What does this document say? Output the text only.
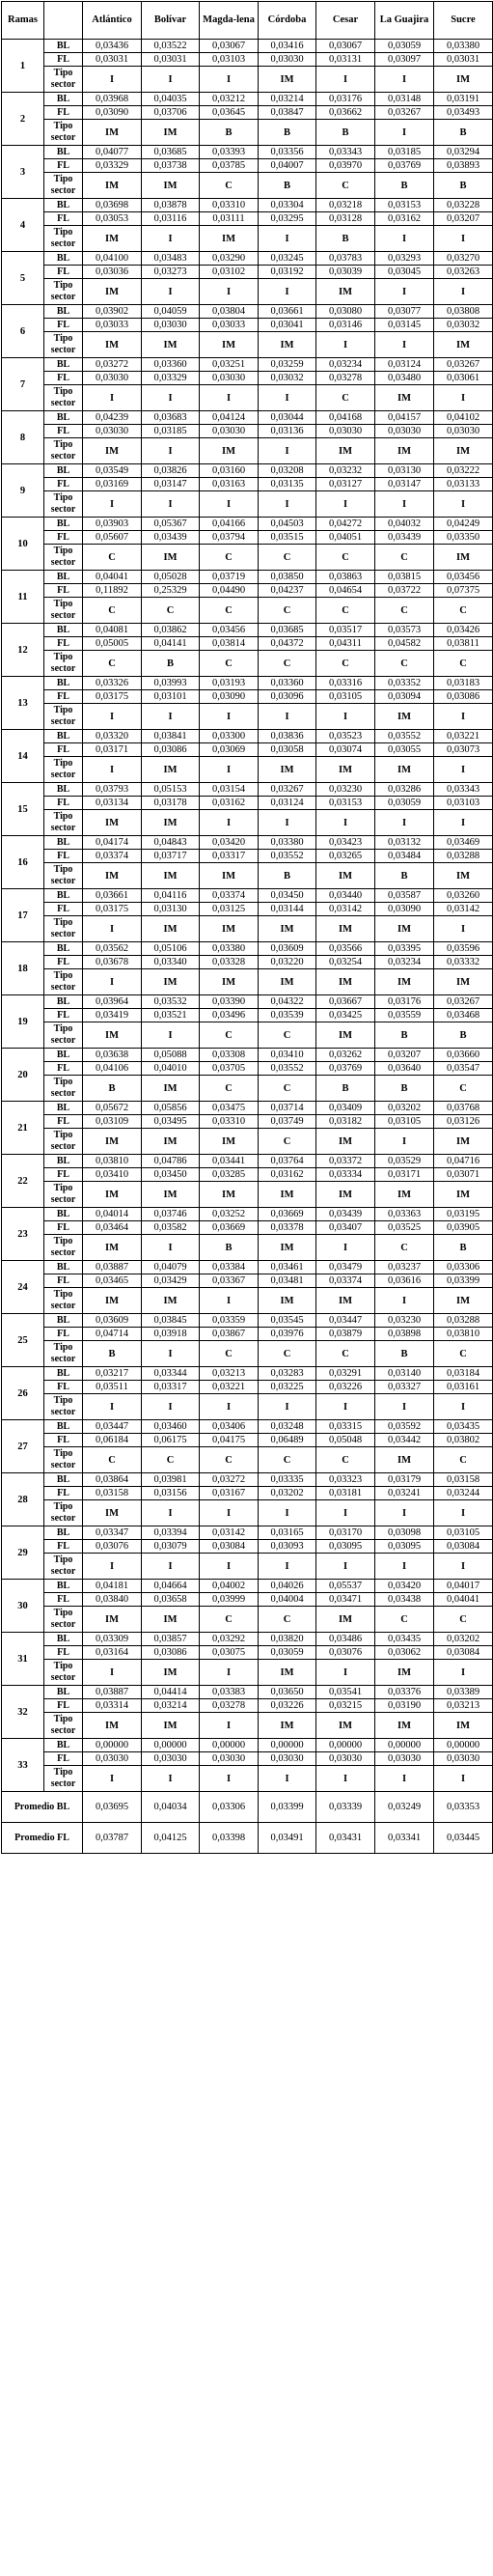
Ramas		Atlántico	Bolívar	Magda-lena	Córdoba	Cesar	La Guajira	Sucre
1	BL	0,03436	0,03522	0,03067	0,03416	0,03067	0,03059	0,03380
	FL	0,03031	0,03031	0,03103	0,03030	0,03131	0,03097	0,03031
	Tipo sector	I	I	I	IM	I	I	IM
2	BL	0,03968	0,04035	0,03212	0,03214	0,03176	0,03148	0,03191
	FL	0,03090	0,03706	0,03645	0,03847	0,03662	0,03267	0,03493
	Tipo sector	IM	IM	B	B	B	I	B
3	BL	0,04077	0,03685	0,03393	0,03356	0,03343	0,03185	0,03294
	FL	0,03329	0,03738	0,03785	0,04007	0,03970	0,03769	0,03893
	Tipo sector	IM	IM	C	B	C	B	B
4	BL	0,03698	0,03878	0,03310	0,03304	0,03218	0,03153	0,03228
	FL	0,03053	0,03116	0,03111	0,03295	0,03128	0,03162	0,03207
	Tipo sector	IM	I	IM	I	B	I	I
5	BL	0,04100	0,03483	0,03290	0,03245	0,03783	0,03293	0,03270
	FL	0,03036	0,03273	0,03102	0,03192	0,03039	0,03045	0,03263
	Tipo sector	IM	I	I	I	IM	I	I
6	BL	0,03902	0,04059	0,03804	0,03661	0,03080	0,03077	0,03808
	FL	0,03033	0,03030	0,03033	0,03041	0,03146	0,03145	0,03032
	Tipo sector	IM	IM	IM	IM	I	I	IM
7	BL	0,03272	0,03360	0,03251	0,03259	0,03234	0,03124	0,03267
	FL	0,03030	0,03329	0,03030	0,03032	0,03278	0,03480	0,03061
	Tipo sector	I	I	I	I	C	IM	I
8	BL	0,04239	0,03683	0,04124	0,03044	0,04168	0,04157	0,04102
	FL	0,03030	0,03185	0,03030	0,03136	0,03030	0,03030	0,03030
	Tipo sector	IM	I	IM	I	IM	IM	IM
9	BL	0,03549	0,03826	0,03160	0,03208	0,03232	0,03130	0,03222
	FL	0,03169	0,03147	0,03163	0,03135	0,03127	0,03147	0,03133
	Tipo sector	I	I	I	I	I	I	I
10	BL	0,03903	0,05367	0,04166	0,04503	0,04272	0,04032	0,04249
	FL	0,05607	0,03439	0,03794	0,03515	0,04051	0,03439	0,03350
	Tipo sector	C	IM	C	C	C	C	IM
11	BL	0,04041	0,05028	0,03719	0,03850	0,03863	0,03815	0,03456
	FL	0,11892	0,25329	0,04490	0,04237	0,04654	0,03722	0,07375
	Tipo sector	C	C	C	C	C	C	C
12	BL	0,04081	0,03862	0,03456	0,03685	0,03517	0,03573	0,03426
	FL	0,05005	0,04141	0,03814	0,04372	0,04311	0,04582	0,03811
	Tipo sector	C	B	C	C	C	C	C
13	BL	0,03326	0,03993	0,03193	0,03360	0,03316	0,03352	0,03183
	FL	0,03175	0,03101	0,03090	0,03096	0,03105	0,03094	0,03086
	Tipo sector	I	I	I	I	I	IM	I
14	BL	0,03320	0,03841	0,03300	0,03836	0,03523	0,03552	0,03221
	FL	0,03171	0,03086	0,03069	0,03058	0,03074	0,03055	0,03073
	Tipo sector	I	IM	I	IM	IM	IM	I
15	BL	0,03793	0,05153	0,03154	0,03267	0,03230	0,03286	0,03343
	FL	0,03134	0,03178	0,03162	0,03124	0,03153	0,03059	0,03103
	Tipo sector	IM	IM	I	I	I	I	I
16	BL	0,04174	0,04843	0,03420	0,03380	0,03423	0,03132	0,03469
	FL	0,03374	0,03717	0,03317	0,03552	0,03265	0,03484	0,03288
	Tipo sector	IM	IM	IM	B	IM	B	IM
17	BL	0,03661	0,04116	0,03374	0,03450	0,03440	0,03587	0,03260
	FL	0,03175	0,03130	0,03125	0,03144	0,03142	0,03090	0,03142
	Tipo sector	I	IM	IM	IM	IM	IM	I
18	BL	0,03562	0,05106	0,03380	0,03609	0,03566	0,03395	0,03596
	FL	0,03678	0,03340	0,03328	0,03220	0,03254	0,03234	0,03332
	Tipo sector	I	IM	IM	IM	IM	IM	IM
19	BL	0,03964	0,03532	0,03390	0,04322	0,03667	0,03176	0,03267
	FL	0,03419	0,03521	0,03496	0,03539	0,03425	0,03559	0,03468
	Tipo sector	IM	I	C	C	IM	B	B
20	BL	0,03638	0,05088	0,03308	0,03410	0,03262	0,03207	0,03660
	FL	0,04106	0,04010	0,03705	0,03552	0,03769	0,03640	0,03547
	Tipo sector	B	IM	C	C	B	B	C
21	BL	0,05672	0,05856	0,03475	0,03714	0,03409	0,03202	0,03768
	FL	0,03109	0,03495	0,03310	0,03749	0,03182	0,03105	0,03126
	Tipo sector	IM	IM	IM	C	IM	I	IM
22	BL	0,03810	0,04786	0,03441	0,03764	0,03372	0,03529	0,04716
	FL	0,03410	0,03450	0,03285	0,03162	0,03334	0,03171	0,03071
	Tipo sector	IM	IM	IM	IM	IM	IM	IM
23	BL	0,04014	0,03746	0,03252	0,03669	0,03439	0,03363	0,03195
	FL	0,03464	0,03582	0,03669	0,03378	0,03407	0,03525	0,03905
	Tipo sector	IM	I	B	IM	I	C	B
24	BL	0,03887	0,04079	0,03384	0,03461	0,03479	0,03237	0,03306
	FL	0,03465	0,03429	0,03367	0,03481	0,03374	0,03616	0,03399
	Tipo sector	IM	IM	I	IM	IM	I	IM
25	BL	0,03609	0,03845	0,03359	0,03545	0,03447	0,03230	0,03288
	FL	0,04714	0,03918	0,03867	0,03976	0,03879	0,03898	0,03810
	Tipo sector	B	I	C	C	C	B	C
26	BL	0,03217	0,03344	0,03213	0,03283	0,03291	0,03140	0,03184
	FL	0,03511	0,03317	0,03221	0,03225	0,03226	0,03327	0,03161
	Tipo sector	I	I	I	I	I	I	I
27	BL	0,03447	0,03460	0,03406	0,03248	0,03315	0,03592	0,03435
	FL	0,06184	0,06175	0,04175	0,06489	0,05048	0,03442	0,03802
	Tipo sector	C	C	C	C	C	IM	C
28	BL	0,03864	0,03981	0,03272	0,03335	0,03323	0,03179	0,03158
	FL	0,03158	0,03156	0,03167	0,03202	0,03181	0,03241	0,03244
	Tipo sector	IM	I	I	I	I	I	I
29	BL	0,03347	0,03394	0,03142	0,03165	0,03170	0,03098	0,03105
	FL	0,03076	0,03079	0,03084	0,03093	0,03095	0,03095	0,03084
	Tipo sector	I	I	I	I	I	I	I
30	BL	0,04181	0,04664	0,04002	0,04026	0,05537	0,03420	0,04017
	FL	0,03840	0,03658	0,03999	0,04004	0,03471	0,03438	0,04041
	Tipo sector	IM	IM	C	C	IM	C	C
31	BL	0,03309	0,03857	0,03292	0,03820	0,03486	0,03435	0,03202
	FL	0,03164	0,03086	0,03075	0,03059	0,03076	0,03062	0,03084
	Tipo sector	I	IM	I	IM	I	IM	I
32	BL	0,03887	0,04414	0,03383	0,03650	0,03541	0,03376	0,03389
	FL	0,03314	0,03214	0,03278	0,03226	0,03215	0,03190	0,03213
	Tipo sector	IM	IM	I	IM	IM	IM	IM
33	BL	0,00000	0,00000	0,00000	0,00000	0,00000	0,00000	0,00000
	FL	0,03030	0,03030	0,03030	0,03030	0,03030	0,03030	0,03030
	Tipo sector	I	I	I	I	I	I	I
Promedio BL		0,03695	0,04034	0,03306	0,03399	0,03339	0,03249	0,03353
Promedio FL		0,03787	0,04125	0,03398	0,03491	0,03431	0,03341	0,03445
